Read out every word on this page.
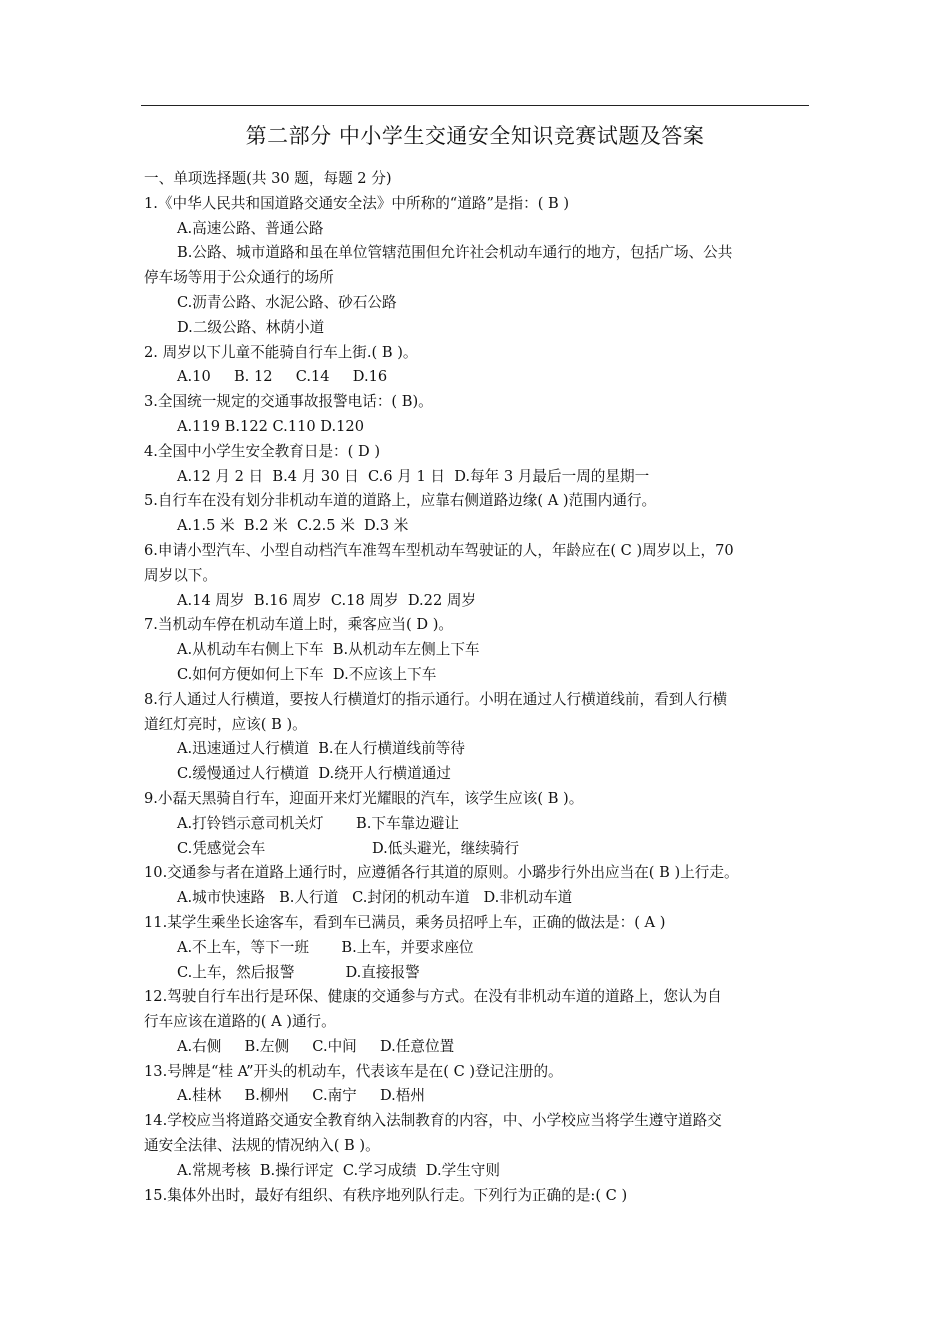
第二部分 中小学生交通安全知识竞赛试题及答案
一、单项选择题(共 30 题，每题 2 分)
1.《中华人民共和国道路交通安全法》中所称的“道路”是指：( B )
A.高速公路、普通公路
B.公路、城市道路和虽在单位管辖范围但允许社会机动车通行的地方，包括广场、公共
停车场等用于公众通行的场所
C.沥青公路、水泥公路、砂石公路
D.二级公路、林荫小道
2. 周岁以下儿童不能骑自行车上街.( B )。
A.10     B. 12     C.14     D.16
3.全国统一规定的交通事故报警电话：( B)。
A.119 B.122 C.110 D.120
4.全国中小学生安全教育日是：( D )
A.12 月 2 日  B.4 月 30 日  C.6 月 1 日  D.每年 3 月最后一周的星期一
5.自行车在没有划分非机动车道的道路上，应靠右侧道路边缘( A )范围内通行。
A.1.5 米  B.2 米  C.2.5 米  D.3 米
6.申请小型汽车、小型自动档汽车准驾车型机动车驾驶证的人，年龄应在( C )周岁以上，70
周岁以下。
A.14 周岁  B.16 周岁  C.18 周岁  D.22 周岁
7.当机动车停在机动车道上时，乘客应当( D )。
A.从机动车右侧上下车  B.从机动车左侧上下车
C.如何方便如何上下车  D.不应该上下车
8.行人通过人行横道，要按人行横道灯的指示通行。小明在通过人行横道线前，看到人行横
道红灯亮时，应该( B )。
A.迅速通过人行横道  B.在人行横道线前等待
C.缓慢通过人行横道  D.绕开人行横道通过
9.小磊天黑骑自行车，迎面开来灯光耀眼的汽车，该学生应该( B )。
A.打铃铛示意司机关灯       B.下车靠边避让
C.凭感觉会车                       D.低头避光，继续骑行
10.交通参与者在道路上通行时，应遵循各行其道的原则。小璐步行外出应当在( B )上行走。
A.城市快速路   B.人行道   C.封闭的机动车道   D.非机动车道
11.某学生乘坐长途客车，看到车已满员，乘务员招呼上车，正确的做法是：( A )
A.不上车，等下一班       B.上车，并要求座位
C.上车，然后报警           D.直接报警
12.驾驶自行车出行是环保、健康的交通参与方式。在没有非机动车道的道路上，您认为自
行车应该在道路的( A )通行。
A.右侧     B.左侧     C.中间     D.任意位置
13.号牌是“桂 A”开头的机动车，代表该车是在( C )登记注册的。
A.桂林     B.柳州     C.南宁     D.梧州
14.学校应当将道路交通安全教育纳入法制教育的内容，中、小学校应当将学生遵守道路交
通安全法律、法规的情况纳入( B )。
A.常规考核  B.操行评定  C.学习成绩  D.学生守则
15.集体外出时，最好有组织、有秩序地列队行走。下列行为正确的是:( C )
